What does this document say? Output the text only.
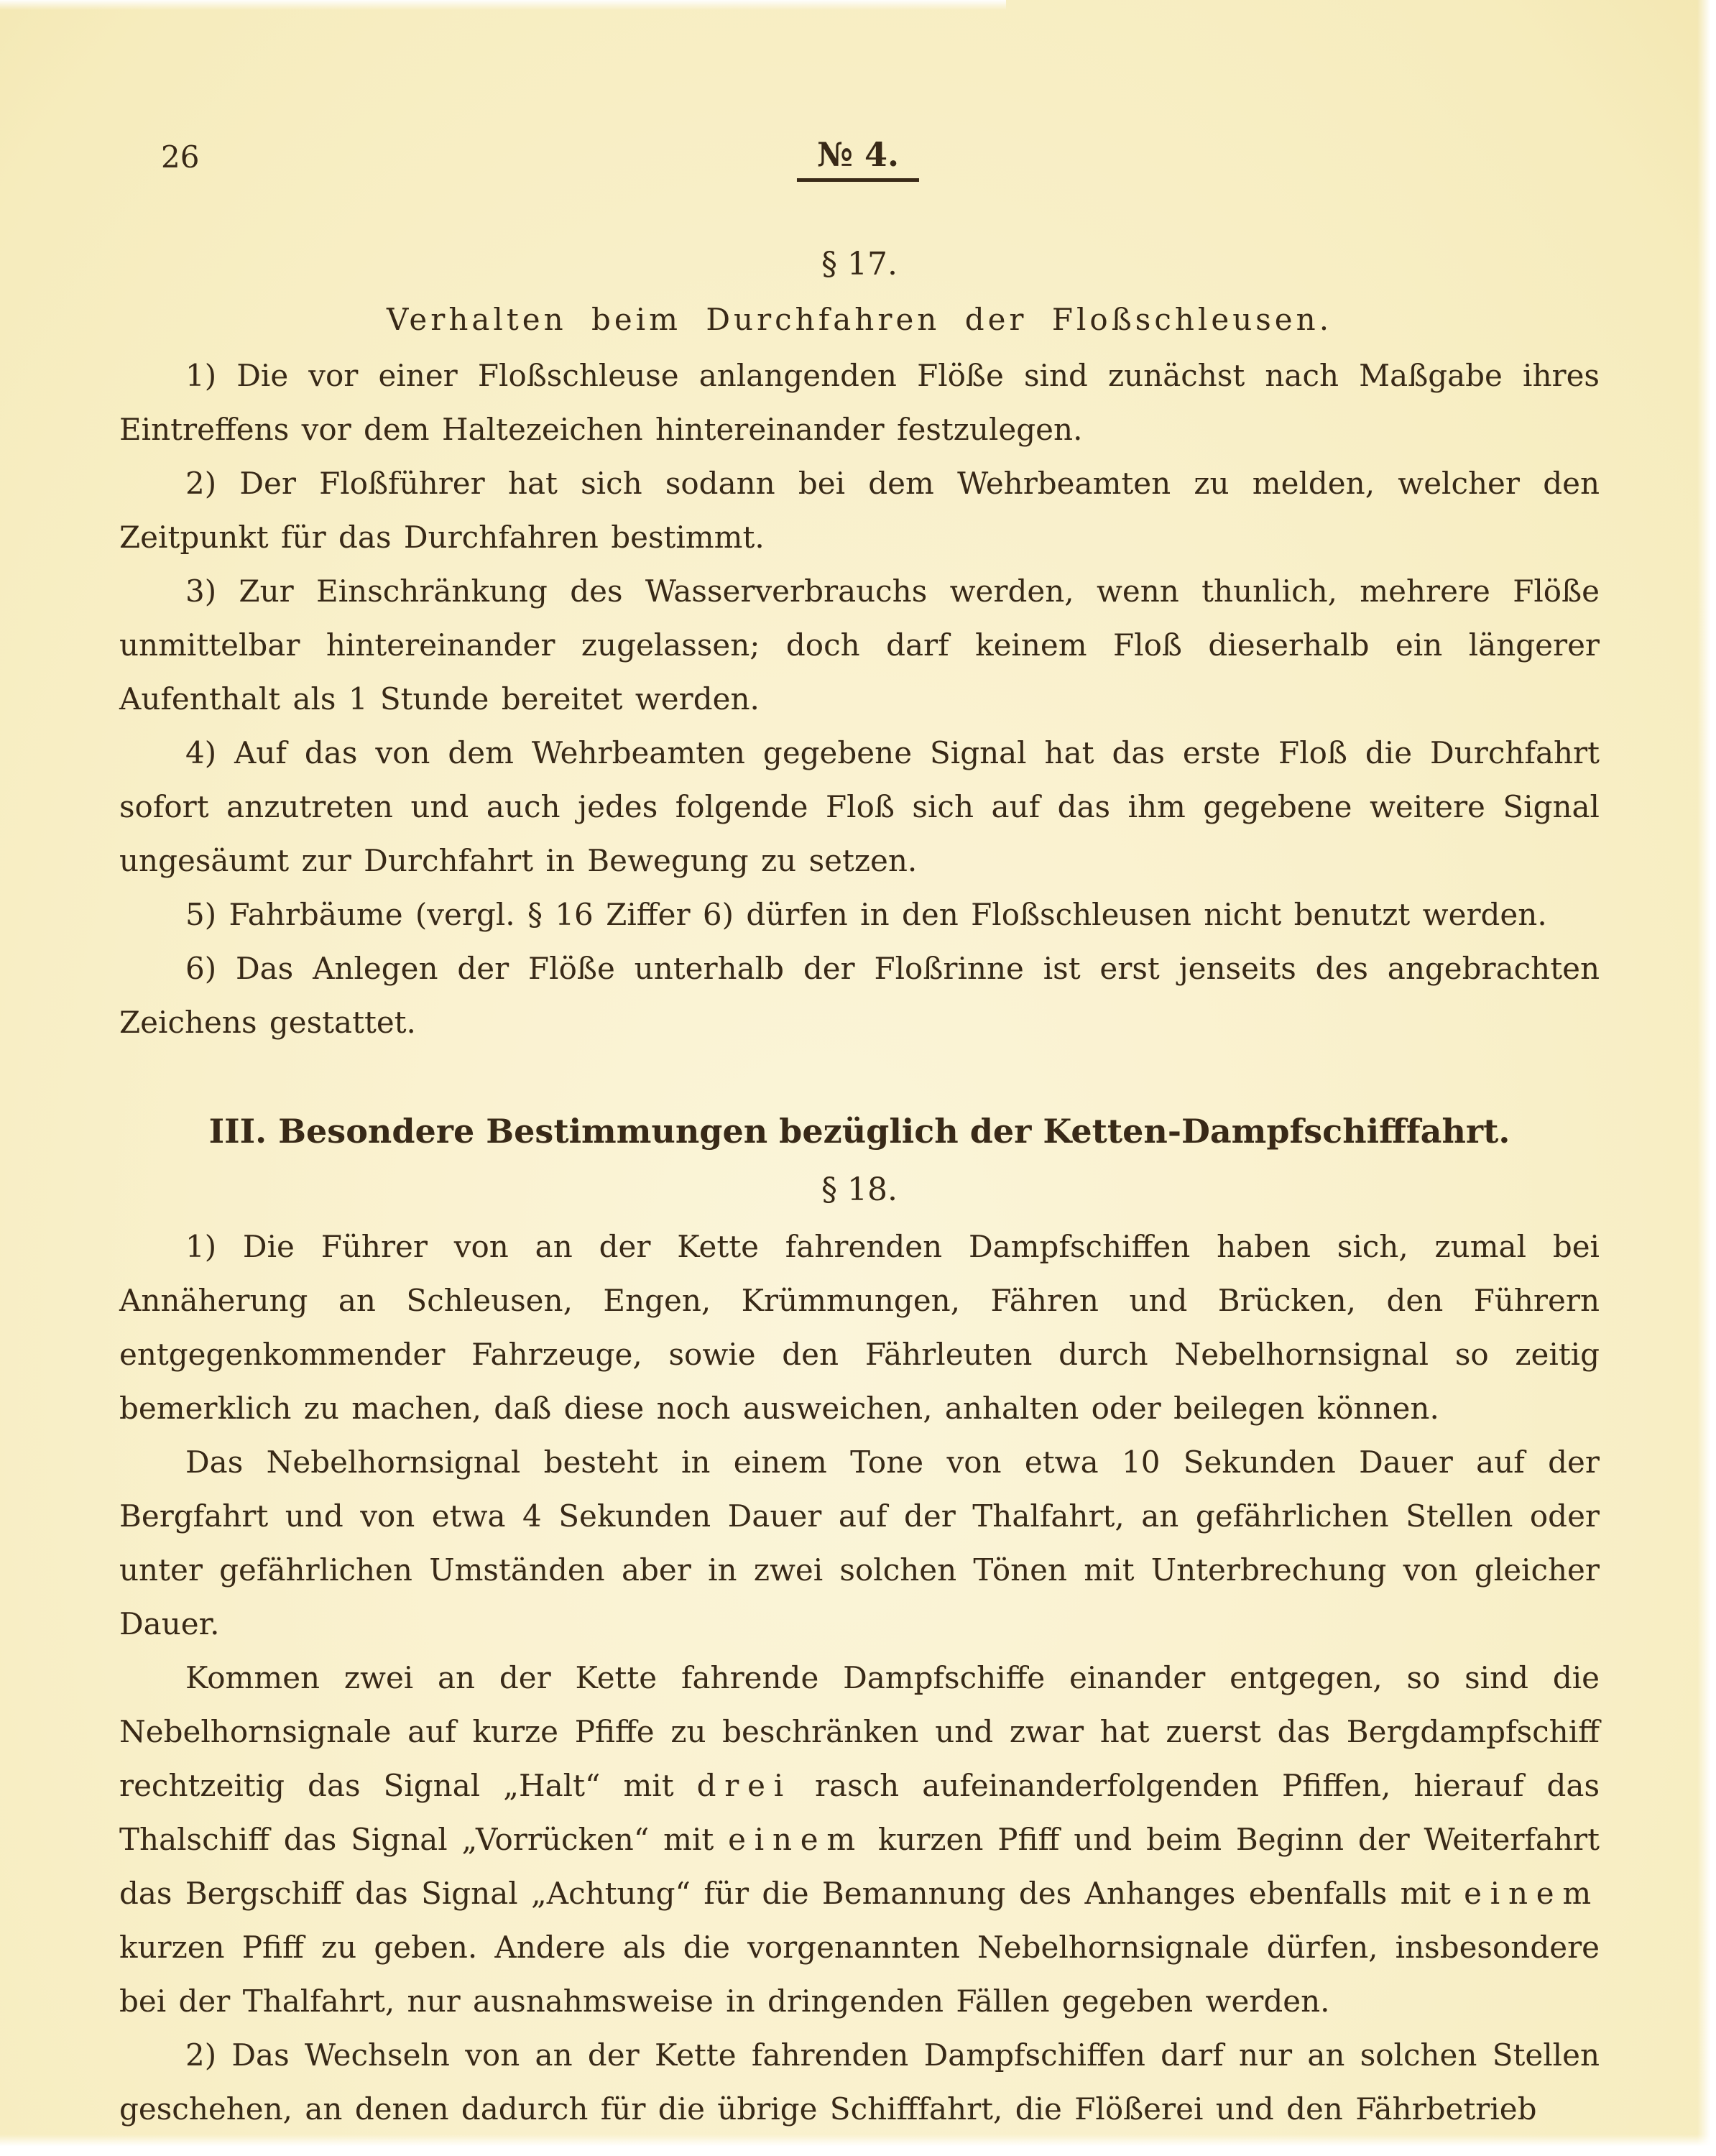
26	№ 4.
§ 17.
Verhalten beim Durchfahren der Floßschleusen.

1) Die vor einer Floßschleuse anlangenden Flöße sind zunächst nach Maßgabe ihres Eintreffens vor dem Haltezeichen hintereinander festzulegen.

2) Der Floßführer hat sich sodann bei dem Wehrbeamten zu melden, welcher den Zeitpunkt für das Durchfahren bestimmt.

3) Zur Einschränkung des Wasserverbrauchs werden, wenn thunlich, mehrere Flöße unmittelbar hintereinander zugelassen; doch darf keinem Floß dieserhalb ein längerer Aufenthalt als 1 Stunde bereitet werden.

4) Auf das von dem Wehrbeamten gegebene Signal hat das erste Floß die Durchfahrt sofort anzutreten und auch jedes folgende Floß sich auf das ihm gegebene weitere Signal ungesäumt zur Durchfahrt in Bewegung zu setzen.

5) Fahrbäume (vergl. § 16 Ziffer 6) dürfen in den Floßschleusen nicht benutzt werden.

6) Das Anlegen der Flöße unterhalb der Floßrinne ist erst jenseits des angebrachten Zeichens gestattet.

III. Besondere Bestimmungen bezüglich der Ketten-Dampfschifffahrt.
§ 18.

1) Die Führer von an der Kette fahrenden Dampfschiffen haben sich, zumal bei Annäherung an Schleusen, Engen, Krümmungen, Fähren und Brücken, den Führern entgegenkommender Fahrzeuge, sowie den Fährleuten durch Nebelhornsignal so zeitig bemerklich zu machen, daß diese noch ausweichen, anhalten oder beilegen können.

Das Nebelhornsignal besteht in einem Tone von etwa 10 Sekunden Dauer auf der Bergfahrt und von etwa 4 Sekunden Dauer auf der Thalfahrt, an gefährlichen Stellen oder unter gefährlichen Umständen aber in zwei solchen Tönen mit Unterbrechung von gleicher Dauer.

Kommen zwei an der Kette fahrende Dampfschiffe einander entgegen, so sind die Nebelhornsignale auf kurze Pfiffe zu beschränken und zwar hat zuerst das Bergdampfschiff rechtzeitig das Signal „Halt“ mit drei rasch aufeinanderfolgenden Pfiffen, hierauf das Thalschiff das Signal „Vorrücken“ mit einem kurzen Pfiff und beim Beginn der Weiterfahrt das Bergschiff das Signal „Achtung“ für die Bemannung des Anhanges ebenfalls mit einem kurzen Pfiff zu geben. Andere als die vorgenannten Nebelhornsignale dürfen, insbesondere bei der Thalfahrt, nur ausnahmsweise in dringenden Fällen gegeben werden.

2) Das Wechseln von an der Kette fahrenden Dampfschiffen darf nur an solchen Stellen geschehen, an denen dadurch für die übrige Schifffahrt, die Flößerei und den Fährbetrieb
